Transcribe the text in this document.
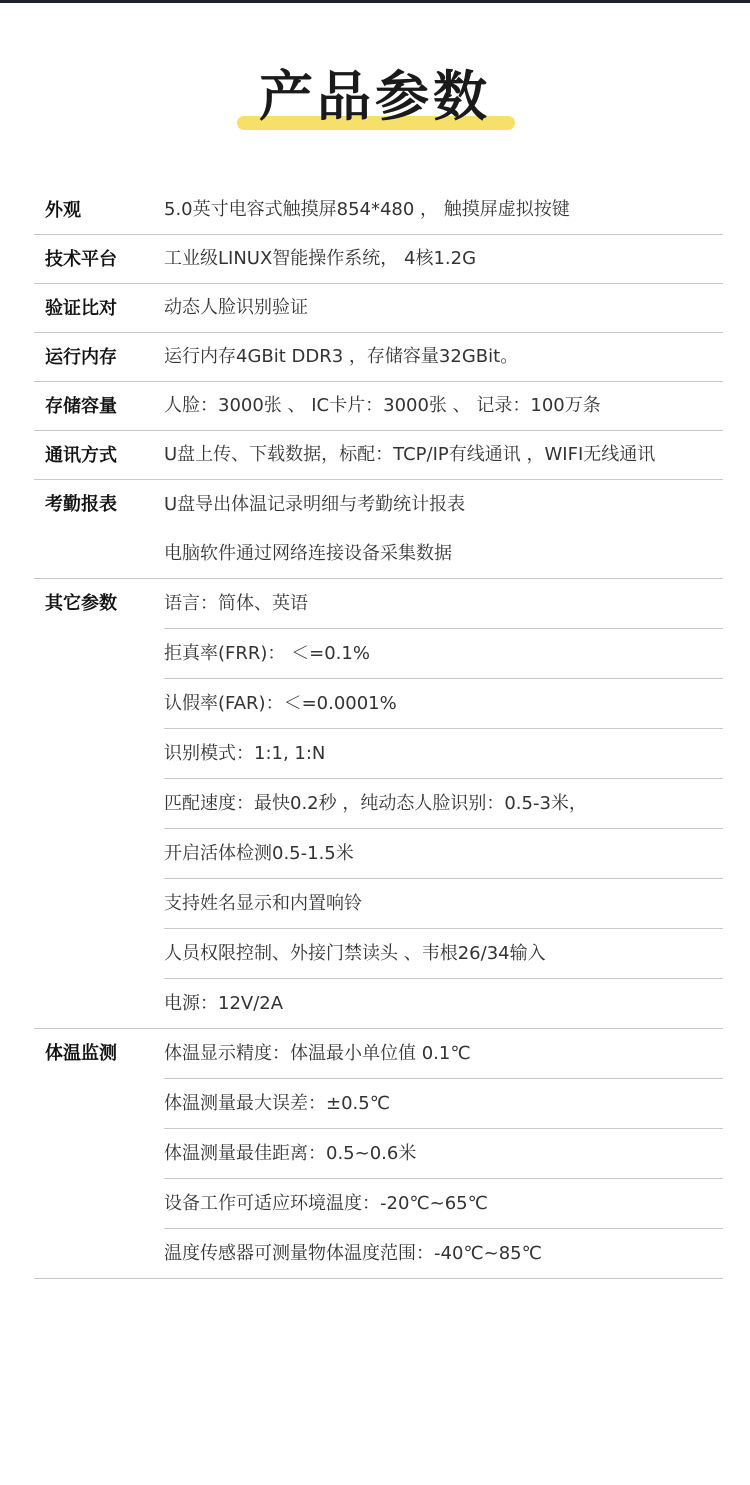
产品参数
外观	5.0英寸电容式触摸屏854*480 ， 触摸屏虚拟按键
技术平台	工业级LINUX智能操作系统， 4核1.2G
验证比对	动态人脸识别验证
运行内存	运行内存4GBit DDR3 ，存储容量32GBit。
存储容量	人脸：3000张 、 IC卡片：3000张 、 记录：100万条
通讯方式	U盘上传、下载数据，标配：TCP/IP有线通讯 ，WIFI无线通讯
考勤报表	U盘导出体温记录明细与考勤统计报表
电脑软件通过网络连接设备采集数据
其它参数	语言：简体、英语
拒真率(FRR)： ＜=0.1%
认假率(FAR)：＜=0.0001%
识别模式：1:1, 1:N
匹配速度：最快0.2秒 ，纯动态人脸识别：0.5-3米，
开启活体检测0.5-1.5米
支持姓名显示和内置响铃
人员权限控制、外接门禁读头 、韦根26/34输入
电源：12V/2A
体温监测	体温显示精度：体温最小单位值 0.1℃
体温测量最大误差：±0.5℃
体温测量最佳距离：0.5~0.6米
设备工作可适应环境温度：-20℃~65℃
温度传感器可测量物体温度范围：-40℃~85℃
